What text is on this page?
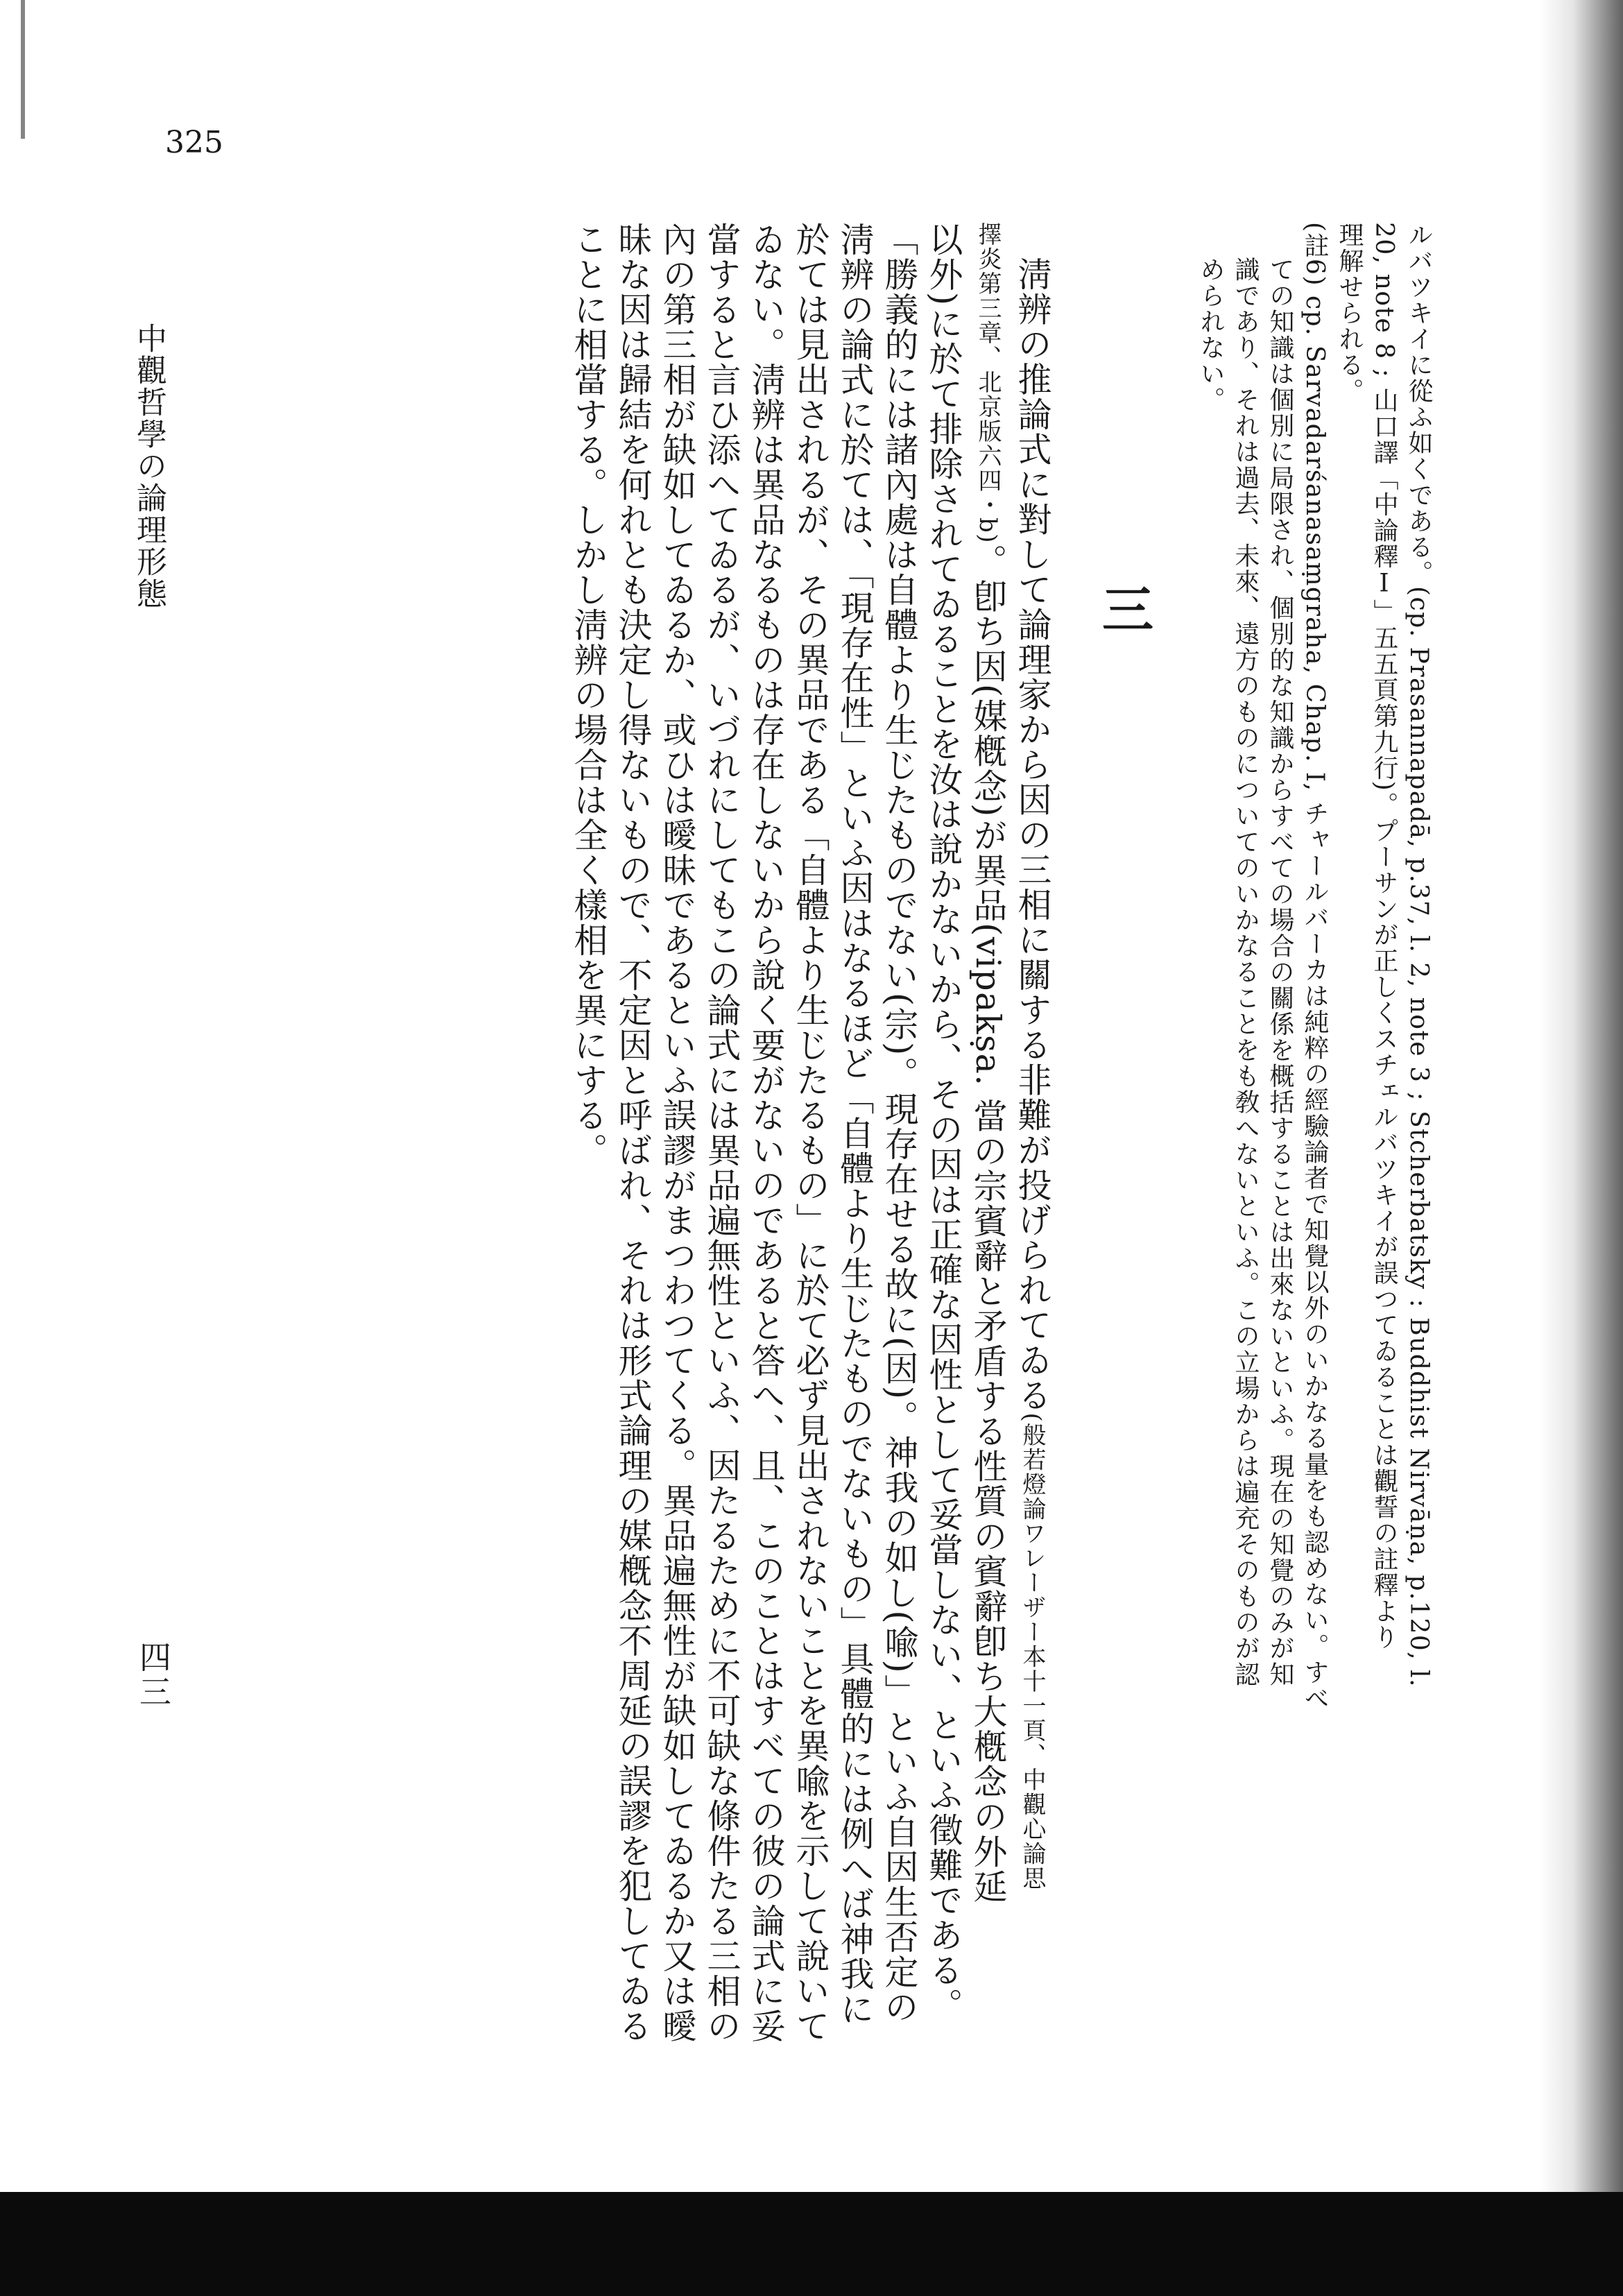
325
中觀哲學の論理形態
四三	ルバツキイに從ふ如くである。(cp. Prasannapadā, p.37, l. 2, note 3 ; Stcherbatsky : Buddhist Nirvāṇa, p.120, l.
20, note 8 ; 山口譯「中論釋Ⅰ」五五頁第九行)。プーサンが正しくスチェルバツキイが誤つてゐることは觀誓の註釋より
理解せられる。
(註6) cp. Sarvadarśanasaṃgraha, Chap. I, チャールバーカは純粹の經驗論者で知覺以外のいかなる量をも認めない。すべ
ての知識は個別に局限され、個別的な知識からすべての場合の關係を概括することは出來ないといふ。現在の知覺のみが知
識であり、それは過去、未來、遠方のものについてのいかなることをも敎へないといふ。この立場からは遍充そのものが認
められない。
三
淸辨の推論式に對して論理家から因の三相に關する非難が投げられてゐる(般若燈論ワレーザー本十一頁、中觀心論思
擇炎第三章、北京版六四・b)。卽ち因(媒槪念)が異品(vipakṣa. 當の宗賓辭と矛盾する性質の賓辭卽ち大槪念の外延
以外)に於て排除されてゐることを汝は說かないから、その因は正確な因性として妥當しない、といふ徵難である。
「勝義的には諸內處は自體より生じたものでない(宗)。現存在せる故に(因)。神我の如し(喩)」といふ自因生否定の
淸辨の論式に於ては、「現存在性」といふ因はなるほど「自體より生じたものでないもの」具體的には例へば神我に
於ては見出されるが、その異品である「自體より生じたるもの」に於て必ず見出されないことを異喩を示して說いて
ゐない。淸辨は異品なるものは存在しないから說く要がないのであると答へ、且、このことはすべての彼の論式に妥
當すると言ひ添へてゐるが、いづれにしてもこの論式には異品遍無性といふ、因たるために不可缺な條件たる三相の
內の第三相が缺如してゐるか、或ひは曖昧であるといふ誤謬がまつわつてくる。異品遍無性が缺如してゐるか又は曖
昧な因は歸結を何れとも決定し得ないもので、不定因と呼ばれ、それは形式論理の媒槪念不周延の誤謬を犯してゐる
ことに相當する。しかし淸辨の場合は全く樣相を異にする。
